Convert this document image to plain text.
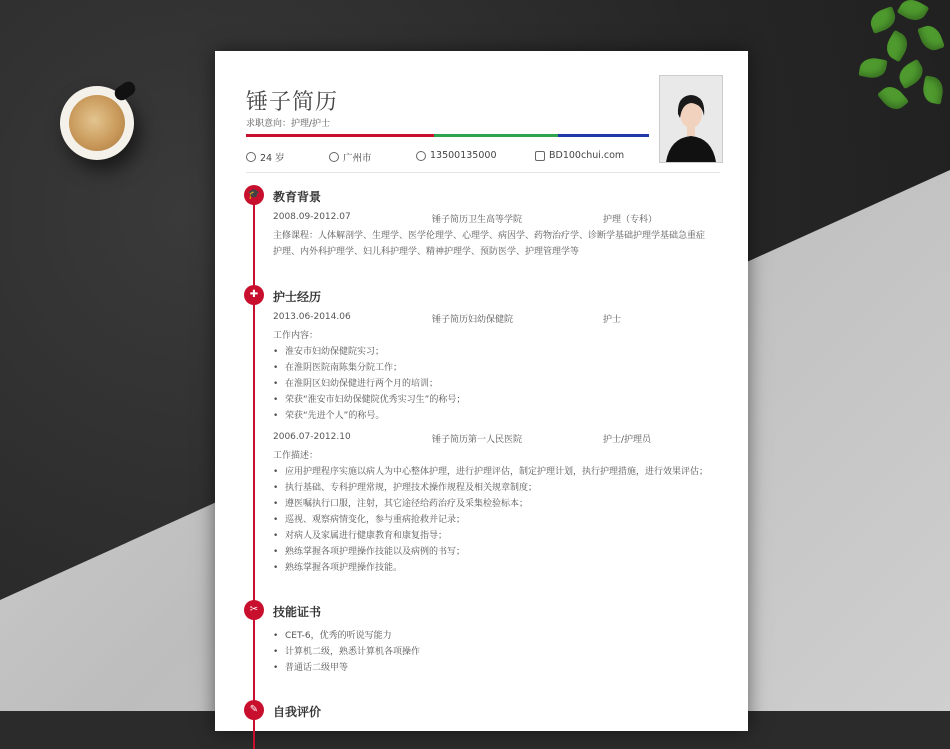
锤子简历
求职意向：护理/护士
24 岁	广州市	13500135000	BD100chui.com
🎓	教育背景
2008.09-2012.07	锤子简历卫生高等学院	护理（专科）
主修课程：人体解剖学、生理学、医学伦理学、心理学、病因学、药物治疗学、诊断学基础护理学基础急重症
护理、内外科护理学、妇儿科护理学、精神护理学、预防医学、护理管理学等
✚	护士经历
2013.06-2014.06	锤子简历妇幼保健院	护士
工作内容：
• 淮安市妇幼保健院实习；
• 在淮阴医院南陈集分院工作；
• 在淮阴区妇幼保健进行两个月的培训；
• 荣获“淮安市妇幼保健院优秀实习生”的称号；
• 荣获“先进个人”的称号。
2006.07-2012.10	锤子简历第一人民医院	护士/护理员
工作描述：
• 应用护理程序实施以病人为中心整体护理，进行护理评估，制定护理计划，执行护理措施，进行效果评估；
• 执行基础、专科护理常规，护理技术操作规程及相关规章制度；
• 遵医嘱执行口服，注射，其它途径给药治疗及采集检验标本；
• 巡视、观察病情变化，参与重病抢救并记录；
• 对病人及家属进行健康教育和康复指导；
• 熟练掌握各项护理操作技能以及病例的书写；
• 熟练掌握各项护理操作技能。
✂	技能证书
• CET-6，优秀的听说写能力
• 计算机二级，熟悉计算机各项操作
• 普通话二级甲等
✎	自我评价
